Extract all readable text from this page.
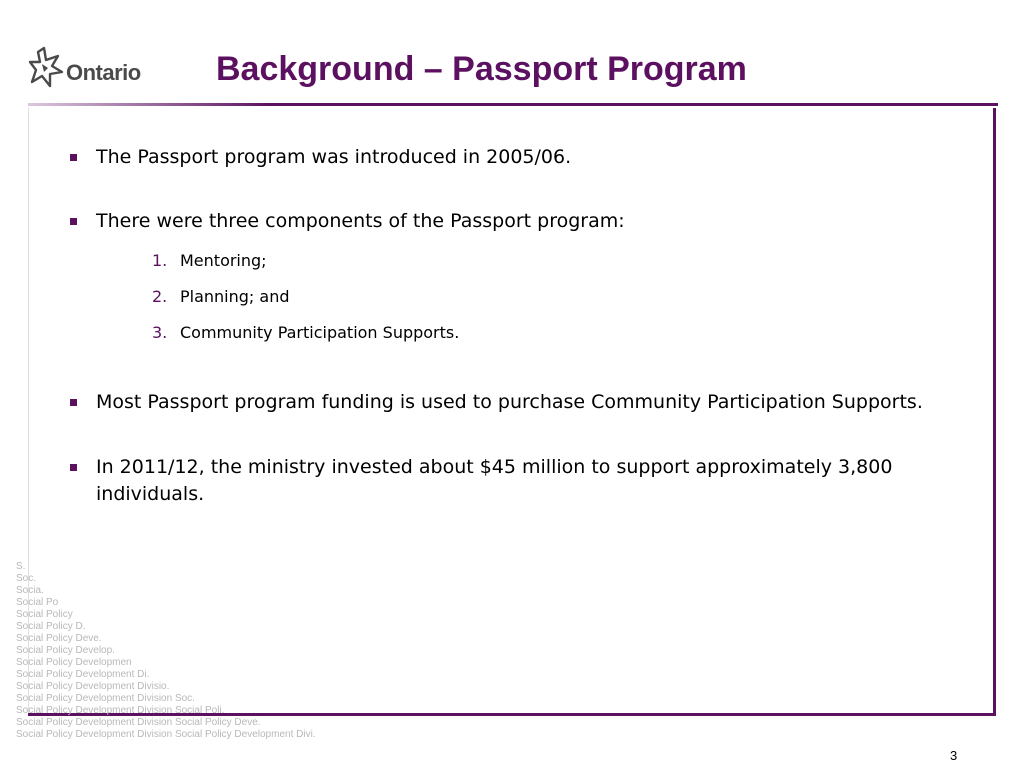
Ontario Background – Passport Program
The Passport program was introduced in 2005/06.
There were three components of the Passport program:
1. Mentoring;
2. Planning; and
3. Community Participation Supports.
Most Passport program funding is used to purchase Community Participation Supports.
In 2011/12, the ministry invested about $45 million to support approximately 3,800 individuals.
S.
Soc.
Socia.
Social Po
Social Policy
Social Policy D.
Social Policy Deve.
Social Policy Develop.
Social Policy Developmen
Social Policy Development Di.
Social Policy Development Divisio.
Social Policy Development Division Soc.
Social Policy Development Division Social Poli.
Social Policy Development Division Social Policy Deve.
Social Policy Development Division Social Policy Development Divi.
3
